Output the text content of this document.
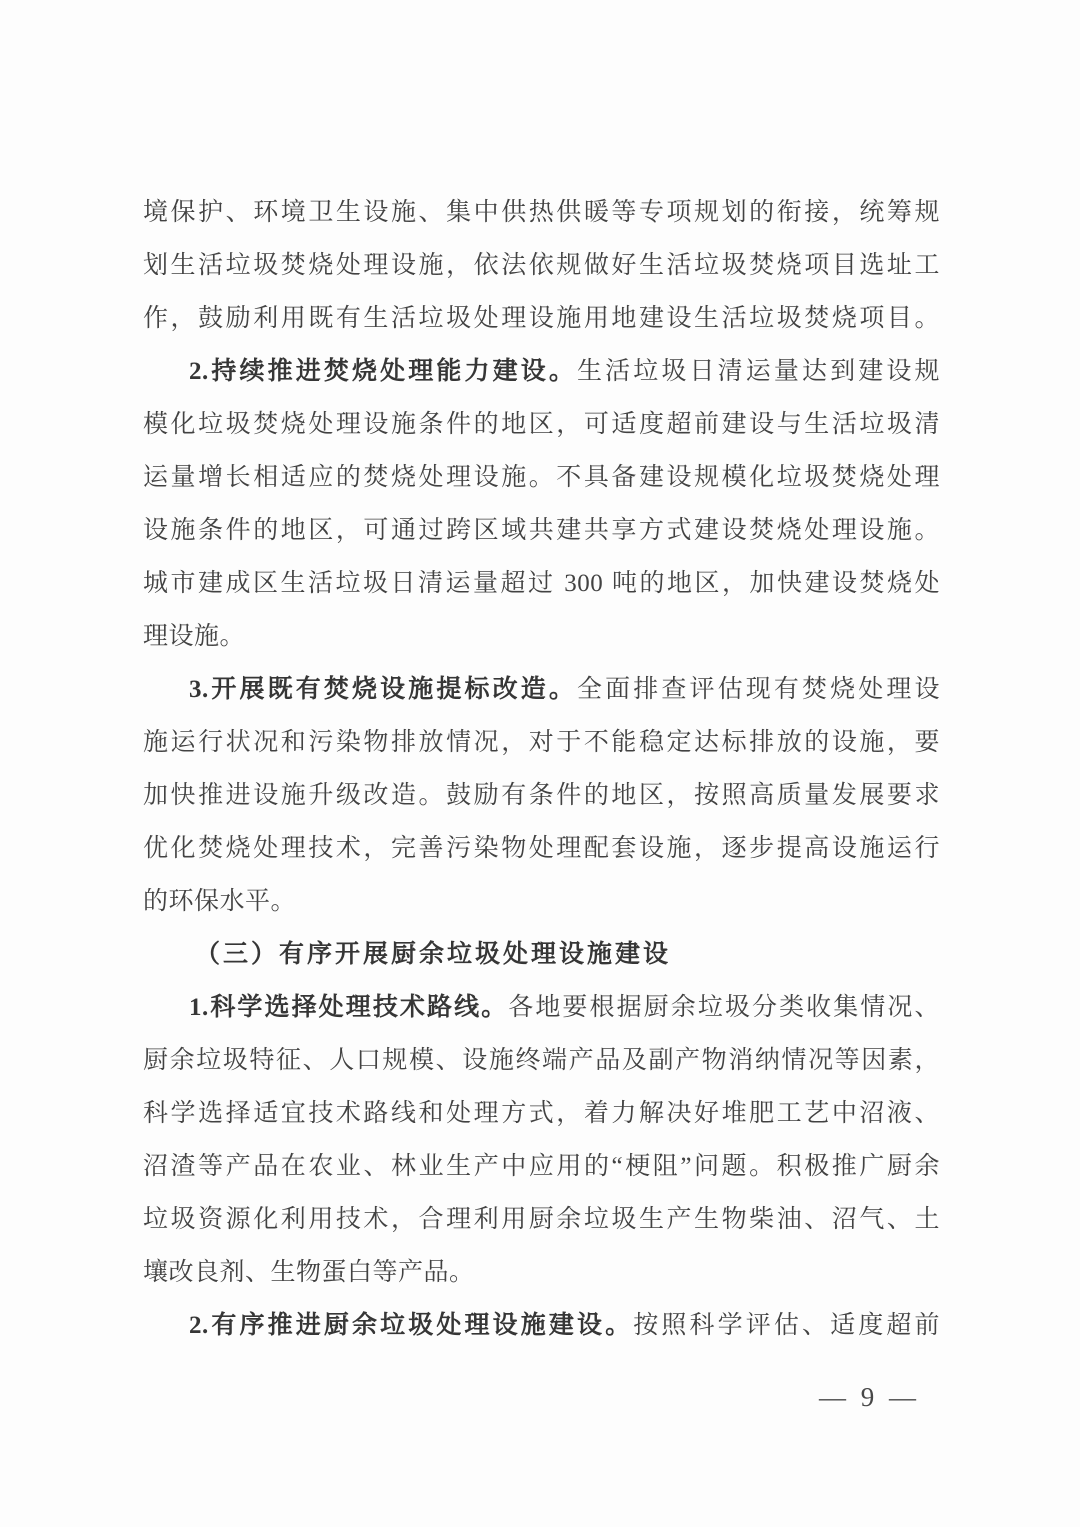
境保护、环境卫生设施、集中供热供暖等专项规划的衔接，统筹规
划生活垃圾焚烧处理设施，依法依规做好生活垃圾焚烧项目选址工
作，鼓励利用既有生活垃圾处理设施用地建设生活垃圾焚烧项目。
2.持续推进焚烧处理能力建设。生活垃圾日清运量达到建设规
模化垃圾焚烧处理设施条件的地区，可适度超前建设与生活垃圾清
运量增长相适应的焚烧处理设施。不具备建设规模化垃圾焚烧处理
设施条件的地区，可通过跨区域共建共享方式建设焚烧处理设施。
城市建成区生活垃圾日清运量超过 300 吨的地区，加快建设焚烧处
理设施。
3.开展既有焚烧设施提标改造。全面排查评估现有焚烧处理设
施运行状况和污染物排放情况，对于不能稳定达标排放的设施，要
加快推进设施升级改造。鼓励有条件的地区，按照高质量发展要求
优化焚烧处理技术，完善污染物处理配套设施，逐步提高设施运行
的环保水平。
（三）有序开展厨余垃圾处理设施建设
1.科学选择处理技术路线。各地要根据厨余垃圾分类收集情况、
厨余垃圾特征、人口规模、设施终端产品及副产物消纳情况等因素，
科学选择适宜技术路线和处理方式，着力解决好堆肥工艺中沼液、
沼渣等产品在农业、林业生产中应用的“梗阻”问题。积极推广厨余
垃圾资源化利用技术，合理利用厨余垃圾生产生物柴油、沼气、土
壤改良剂、生物蛋白等产品。
2.有序推进厨余垃圾处理设施建设。按照科学评估、适度超前
— 9 —
